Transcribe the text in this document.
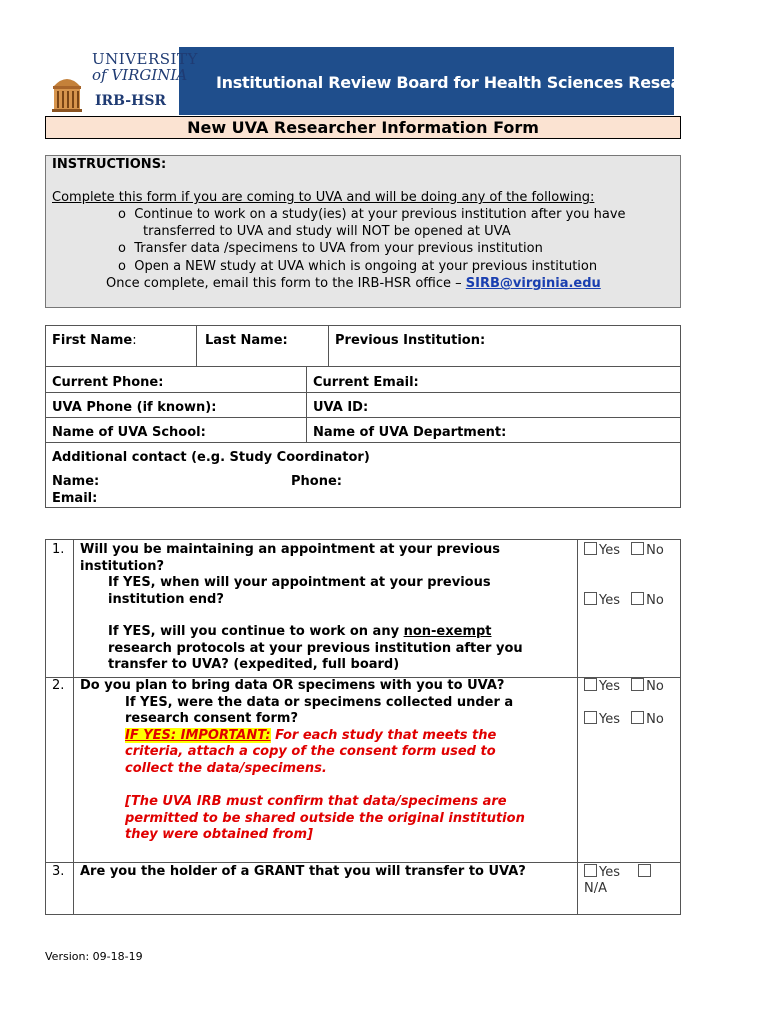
UNIVERSITY
of VIRGINIA
IRB-HSR
Institutional Review Board for Health Sciences Research
New UVA Researcher Information Form
INSTRUCTIONS:
Complete this form if you are coming to UVA and will be doing any of the following:
o Continue to work on a study(ies) at your previous institution after you have
transferred to UVA and study will NOT be opened at UVA
o Transfer data /specimens to UVA from your previous institution
o Open a NEW study at UVA which is ongoing at your previous institution
Once complete, email this form to the IRB-HSR office – SIRB@virginia.edu
First Name:	Last Name:	Previous Institution:
Current Phone:	Current Email:
UVA Phone (if known):	UVA ID:
Name of UVA School:	Name of UVA Department:
Additional contact (e.g. Study Coordinator)
Name:	Phone:
Email:
1. Will you be maintaining an appointment at your previous
institution?
If YES, when will your appointment at your previous
institution end?
If YES, will you continue to work on any non-exempt
research protocols at your previous institution after you
transfer to UVA? (expedited, full board)
Yes No
Yes No
2. Do you plan to bring data OR specimens with you to UVA?
If YES, were the data or specimens collected under a
research consent form?
IF YES: IMPORTANT: For each study that meets the
criteria, attach a copy of the consent form used to
collect the data/specimens.
[The UVA IRB must confirm that data/specimens are
permitted to be shared outside the original institution
they were obtained from]
Yes No
Yes No
3. Are you the holder of a GRANT that you will transfer to UVA?	Yes
N/A
Version: 09-18-19
